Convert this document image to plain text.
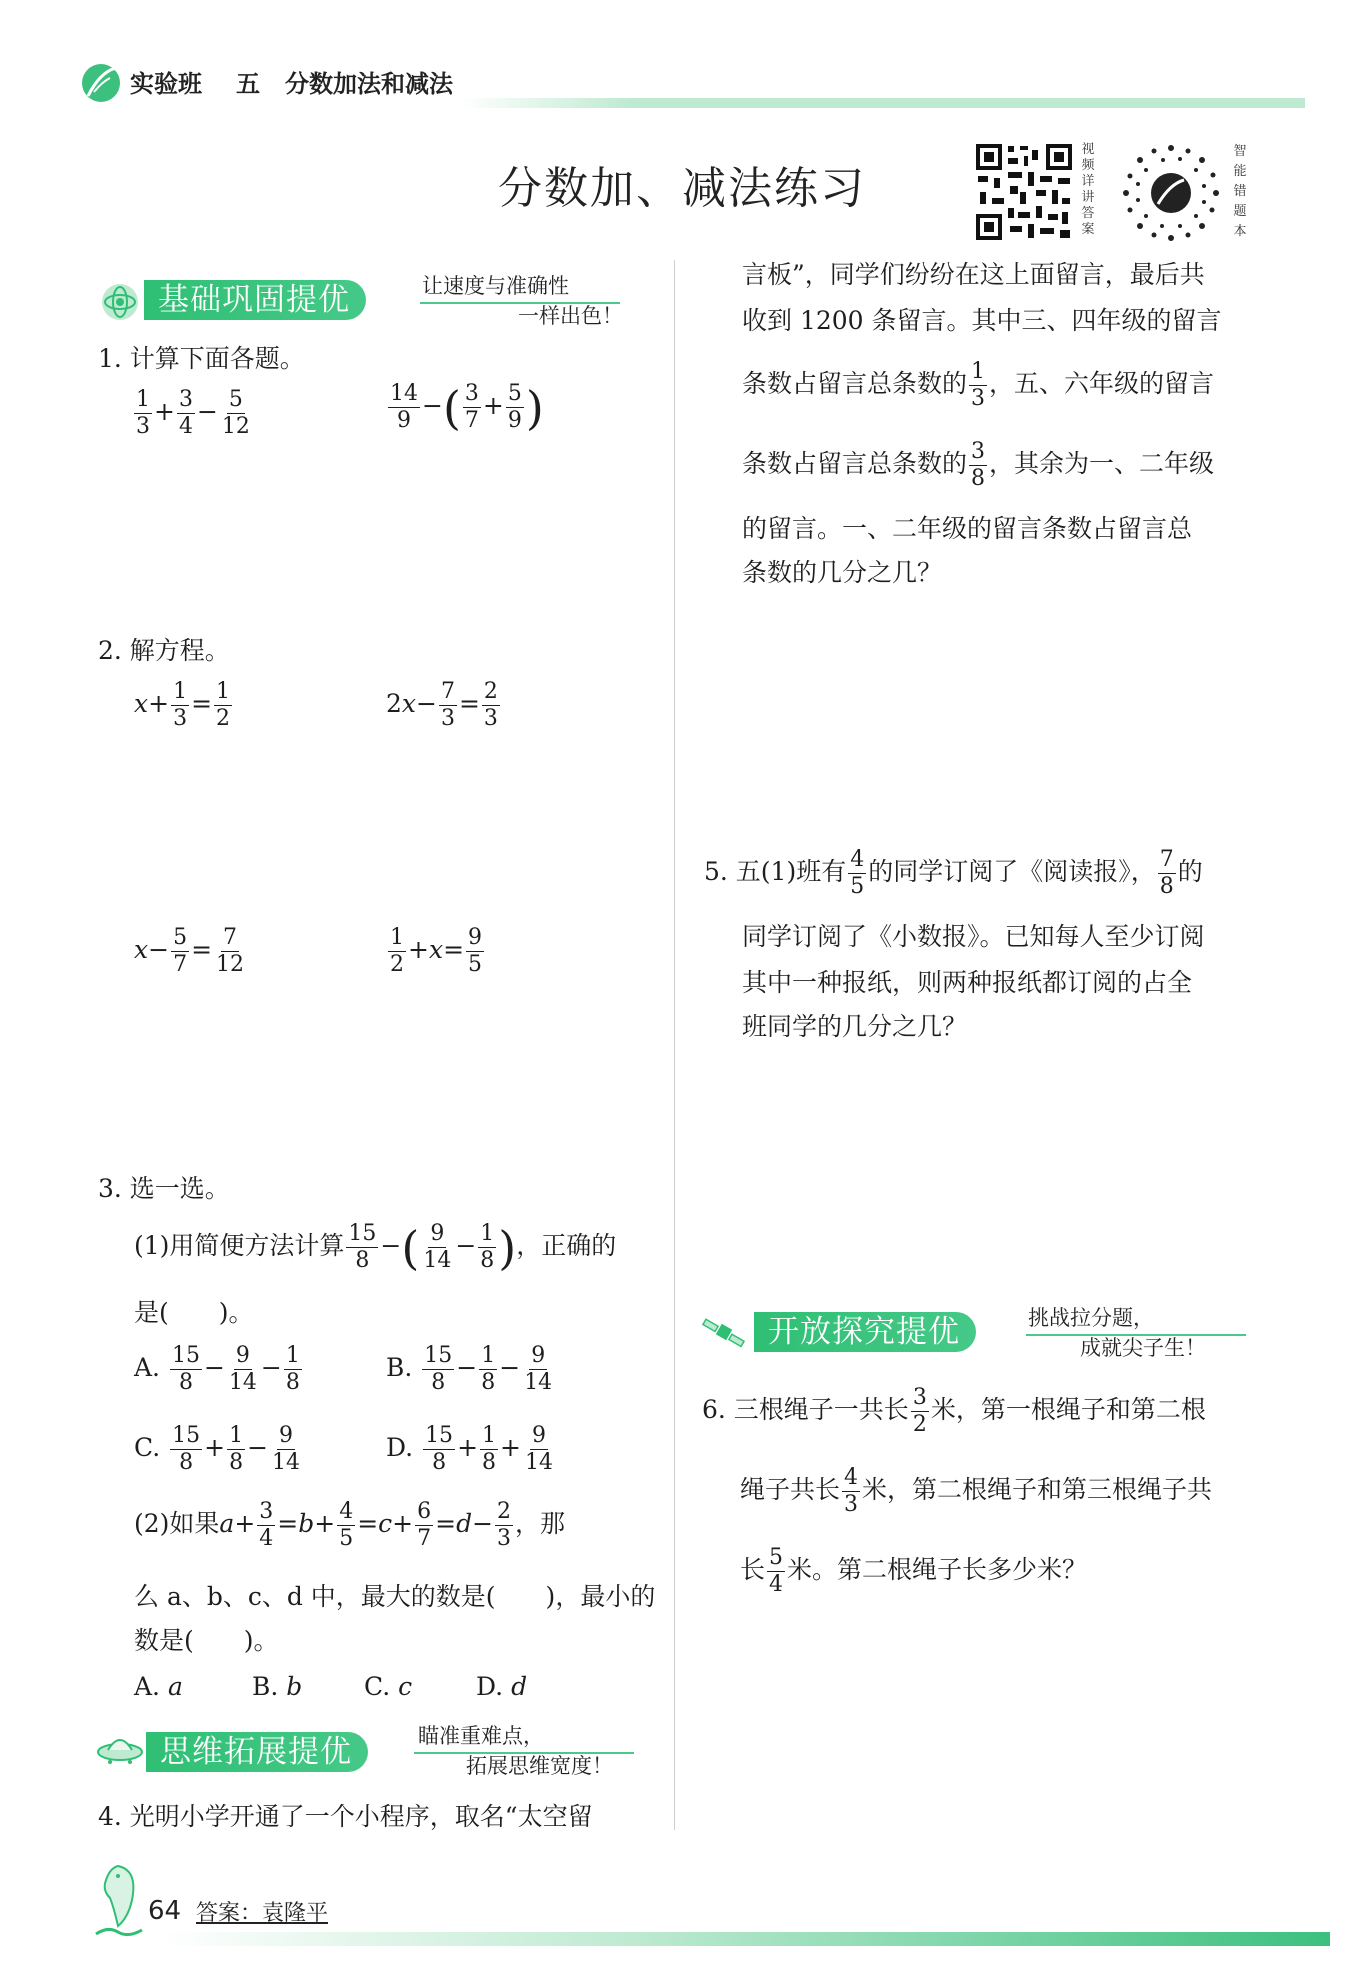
实验班 五 分数加法和减法
分数加、减法练习
视频详讲答案
智能错题本
基础巩固提优	让速度与准确性
一样出色！
1. 计算下面各题。
$\frac{1}{3} + \frac{3}{4} - \frac{5}{12}$	$\frac{14}{9}$ −( $\frac{3}{7} + \frac{5}{9}$ )
2. 解方程。
$x+ \frac{1}{3} = \frac{1}{2}$	$2x- \frac{7}{3} = \frac{2}{3}$
$x- \frac{5}{7} = \frac{7}{12}$	$\frac{1}{2} +x= \frac{9}{5}$
3. 选一选。
(1)用简便方法计算 $\frac{15}{8}$ −( $\frac{9}{14} - \frac{1}{8}$ )，正确的
是(　　)。
A. $\frac{15}{8} - \frac{9}{14} - \frac{1}{8}$	B. $\frac{15}{8} - \frac{1}{8} - \frac{9}{14}$
C. $\frac{15}{8} + \frac{1}{8} - \frac{9}{14}$	D. $\frac{15}{8} + \frac{1}{8} + \frac{9}{14}$
(2)如果$a+ \frac{3}{4} =b+ \frac{4}{5} =c+ \frac{6}{7} =d- \frac{2}{3}$ ，那
么 a、b、c、d 中，最大的数是(　　)，最小的
数是(　　)。
A. a	B. b C. c	D. d
思维拓展提优	瞄准重难点，
拓展思维宽度！
4. 光明小学开通了一个小程序，取名“太空留
言板”，同学们纷纷在这上面留言，最后共
收到 1200 条留言。其中三、四年级的留言
条数占留言总条数的 $\frac{1}{3}$ ，五、六年级的留言
条数占留言总条数的 $\frac{3}{8}$ ，其余为一、二年级
的留言。一、二年级的留言条数占留言总
条数的几分之几？
5. 五(1)班有 $\frac{4}{5}$ 的同学订阅了《阅读报》， $\frac{7}{8}$ 的
同学订阅了《小数报》。已知每人至少订阅
其中一种报纸，则两种报纸都订阅的占全
班同学的几分之几？
开放探究提优	挑战拉分题，
成就尖子生！
6. 三根绳子一共长 $\frac{3}{2}$ 米，第一根绳子和第二根
绳子共长 $\frac{4}{3}$ 米，第二根绳子和第三根绳子共
长 $\frac{5}{4}$ 米。第二根绳子长多少米？
64 答案：袁隆平
